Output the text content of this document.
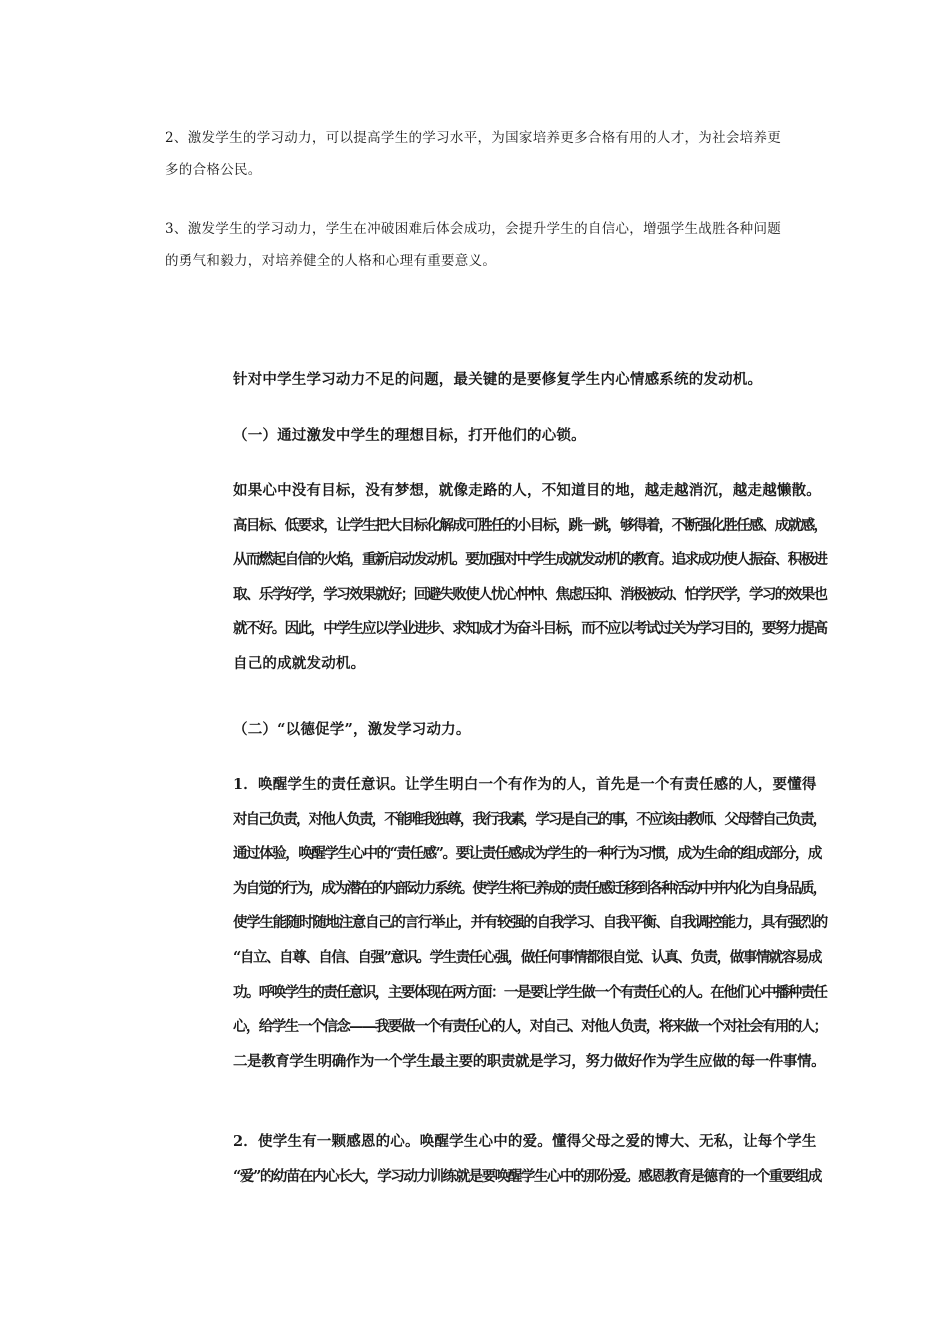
2、激发学生的学习动力，可以提高学生的学习水平，为国家培养更多合格有用的人才，为社会培养更
多的合格公民。

3、激发学生的学习动力，学生在冲破困难后体会成功，会提升学生的自信心，增强学生战胜各种问题
的勇气和毅力，对培养健全的人格和心理有重要意义。

针对中学生学习动力不足的问题，最关键的是要修复学生内心情感系统的发动机。

（一）通过激发中学生的理想目标，打开他们的心锁。

如果心中没有目标，没有梦想，就像走路的人，不知道目的地，越走越消沉，越走越懒散。
高目标、低要求，让学生把大目标化解成可胜任的小目标，跳一跳，够得着，不断强化胜任感、成就感，
从而燃起自信的火焰，重新启动发动机。要加强对中学生成就发动机的教育。追求成功使人振奋、积极进
取、乐学好学，学习效果就好；回避失败使人忧心忡忡、焦虑压抑、消极被动、怕学厌学，学习的效果也
就不好。因此，中学生应以学业进步、求知成才为奋斗目标，而不应以考试过关为学习目的，要努力提高
自己的成就发动机。

（二）“以德促学”，激发学习动力。

1．唤醒学生的责任意识。让学生明白一个有作为的人，首先是一个有责任感的人，要懂得
对自己负责，对他人负责，不能唯我独尊，我行我素，学习是自己的事，不应该由教师、父母替自己负责，
通过体验，唤醒学生心中的“责任感”。要让责任感成为学生的一种行为习惯，成为生命的组成部分，成
为自觉的行为，成为潜在的内部动力系统。使学生将已养成的责任感迁移到各种活动中并内化为自身品质，
使学生能随时随地注意自己的言行举止，并有较强的自我学习、自我平衡、自我调控能力，具有强烈的
“自立、自尊、自信、自强”意识。学生责任心强，做任何事情都很自觉、认真、负责，做事情就容易成
功。呼唤学生的责任意识，主要体现在两方面：一是要让学生做一个有责任心的人。在他们心中播种责任
心，给学生一个信念——我要做一个有责任心的人，对自己、对他人负责，将来做一个对社会有用的人；
二是教育学生明确作为一个学生最主要的职责就是学习，努力做好作为学生应做的每一件事情。

2．使学生有一颗感恩的心。唤醒学生心中的爱。懂得父母之爱的博大、无私，让每个学生
“爱”的幼苗在内心长大，学习动力训练就是要唤醒学生心中的那份爱。感恩教育是德育的一个重要组成
